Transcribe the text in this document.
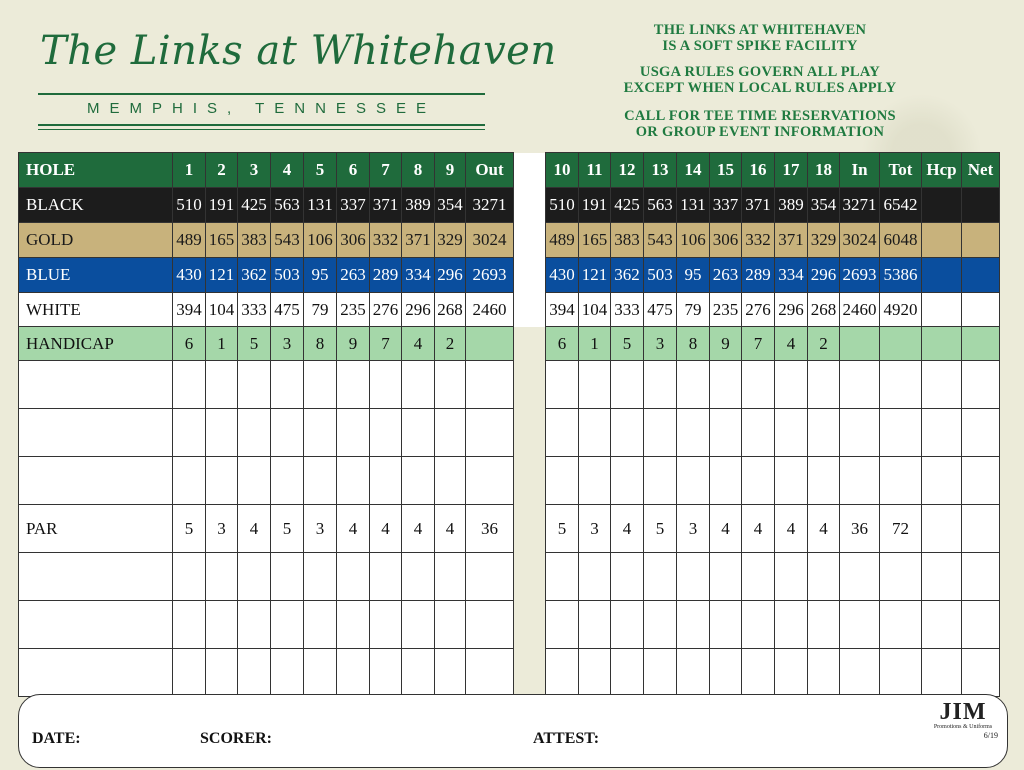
The Links at Whitehaven
MEMPHIS, TENNESSEE
THE LINKS AT WHITEHAVEN
IS A SOFT SPIKE FACILITY
USGA RULES GOVERN ALL PLAY
EXCEPT WHEN LOCAL RULES APPLY
CALL FOR TEE TIME RESERVATIONS
OR GROUP EVENT INFORMATION
HOLE	1	2	3	4	5	6	7	8	9	Out	PLAYER:	10	11	12	13	14	15	16	17	18	In	Tot	Hcp	Net
BLACK	510	191	425	563	131	337	371	389	354	3271		510	191	425	563	131	337	371	389	354	3271	6542		
GOLD	489	165	383	543	106	306	332	371	329	3024		489	165	383	543	106	306	332	371	329	3024	6048		
BLUE	430	121	362	503	95	263	289	334	296	2693		430	121	362	503	95	263	289	334	296	2693	5386		
WHITE	394	104	333	475	79	235	276	296	268	2460		394	104	333	475	79	235	276	296	268	2460	4920		
HANDICAP	6	1	5	3	8	9	7	4	2			6	1	5	3	8	9	7	4	2				

PAR	5	3	4	5	3	4	4	4	4	36		5	3	4	5	3	4	4	4	4	36	72		

DATE:	SCORER:	ATTEST:
JIM
Promotions & Uniforms
6/19
